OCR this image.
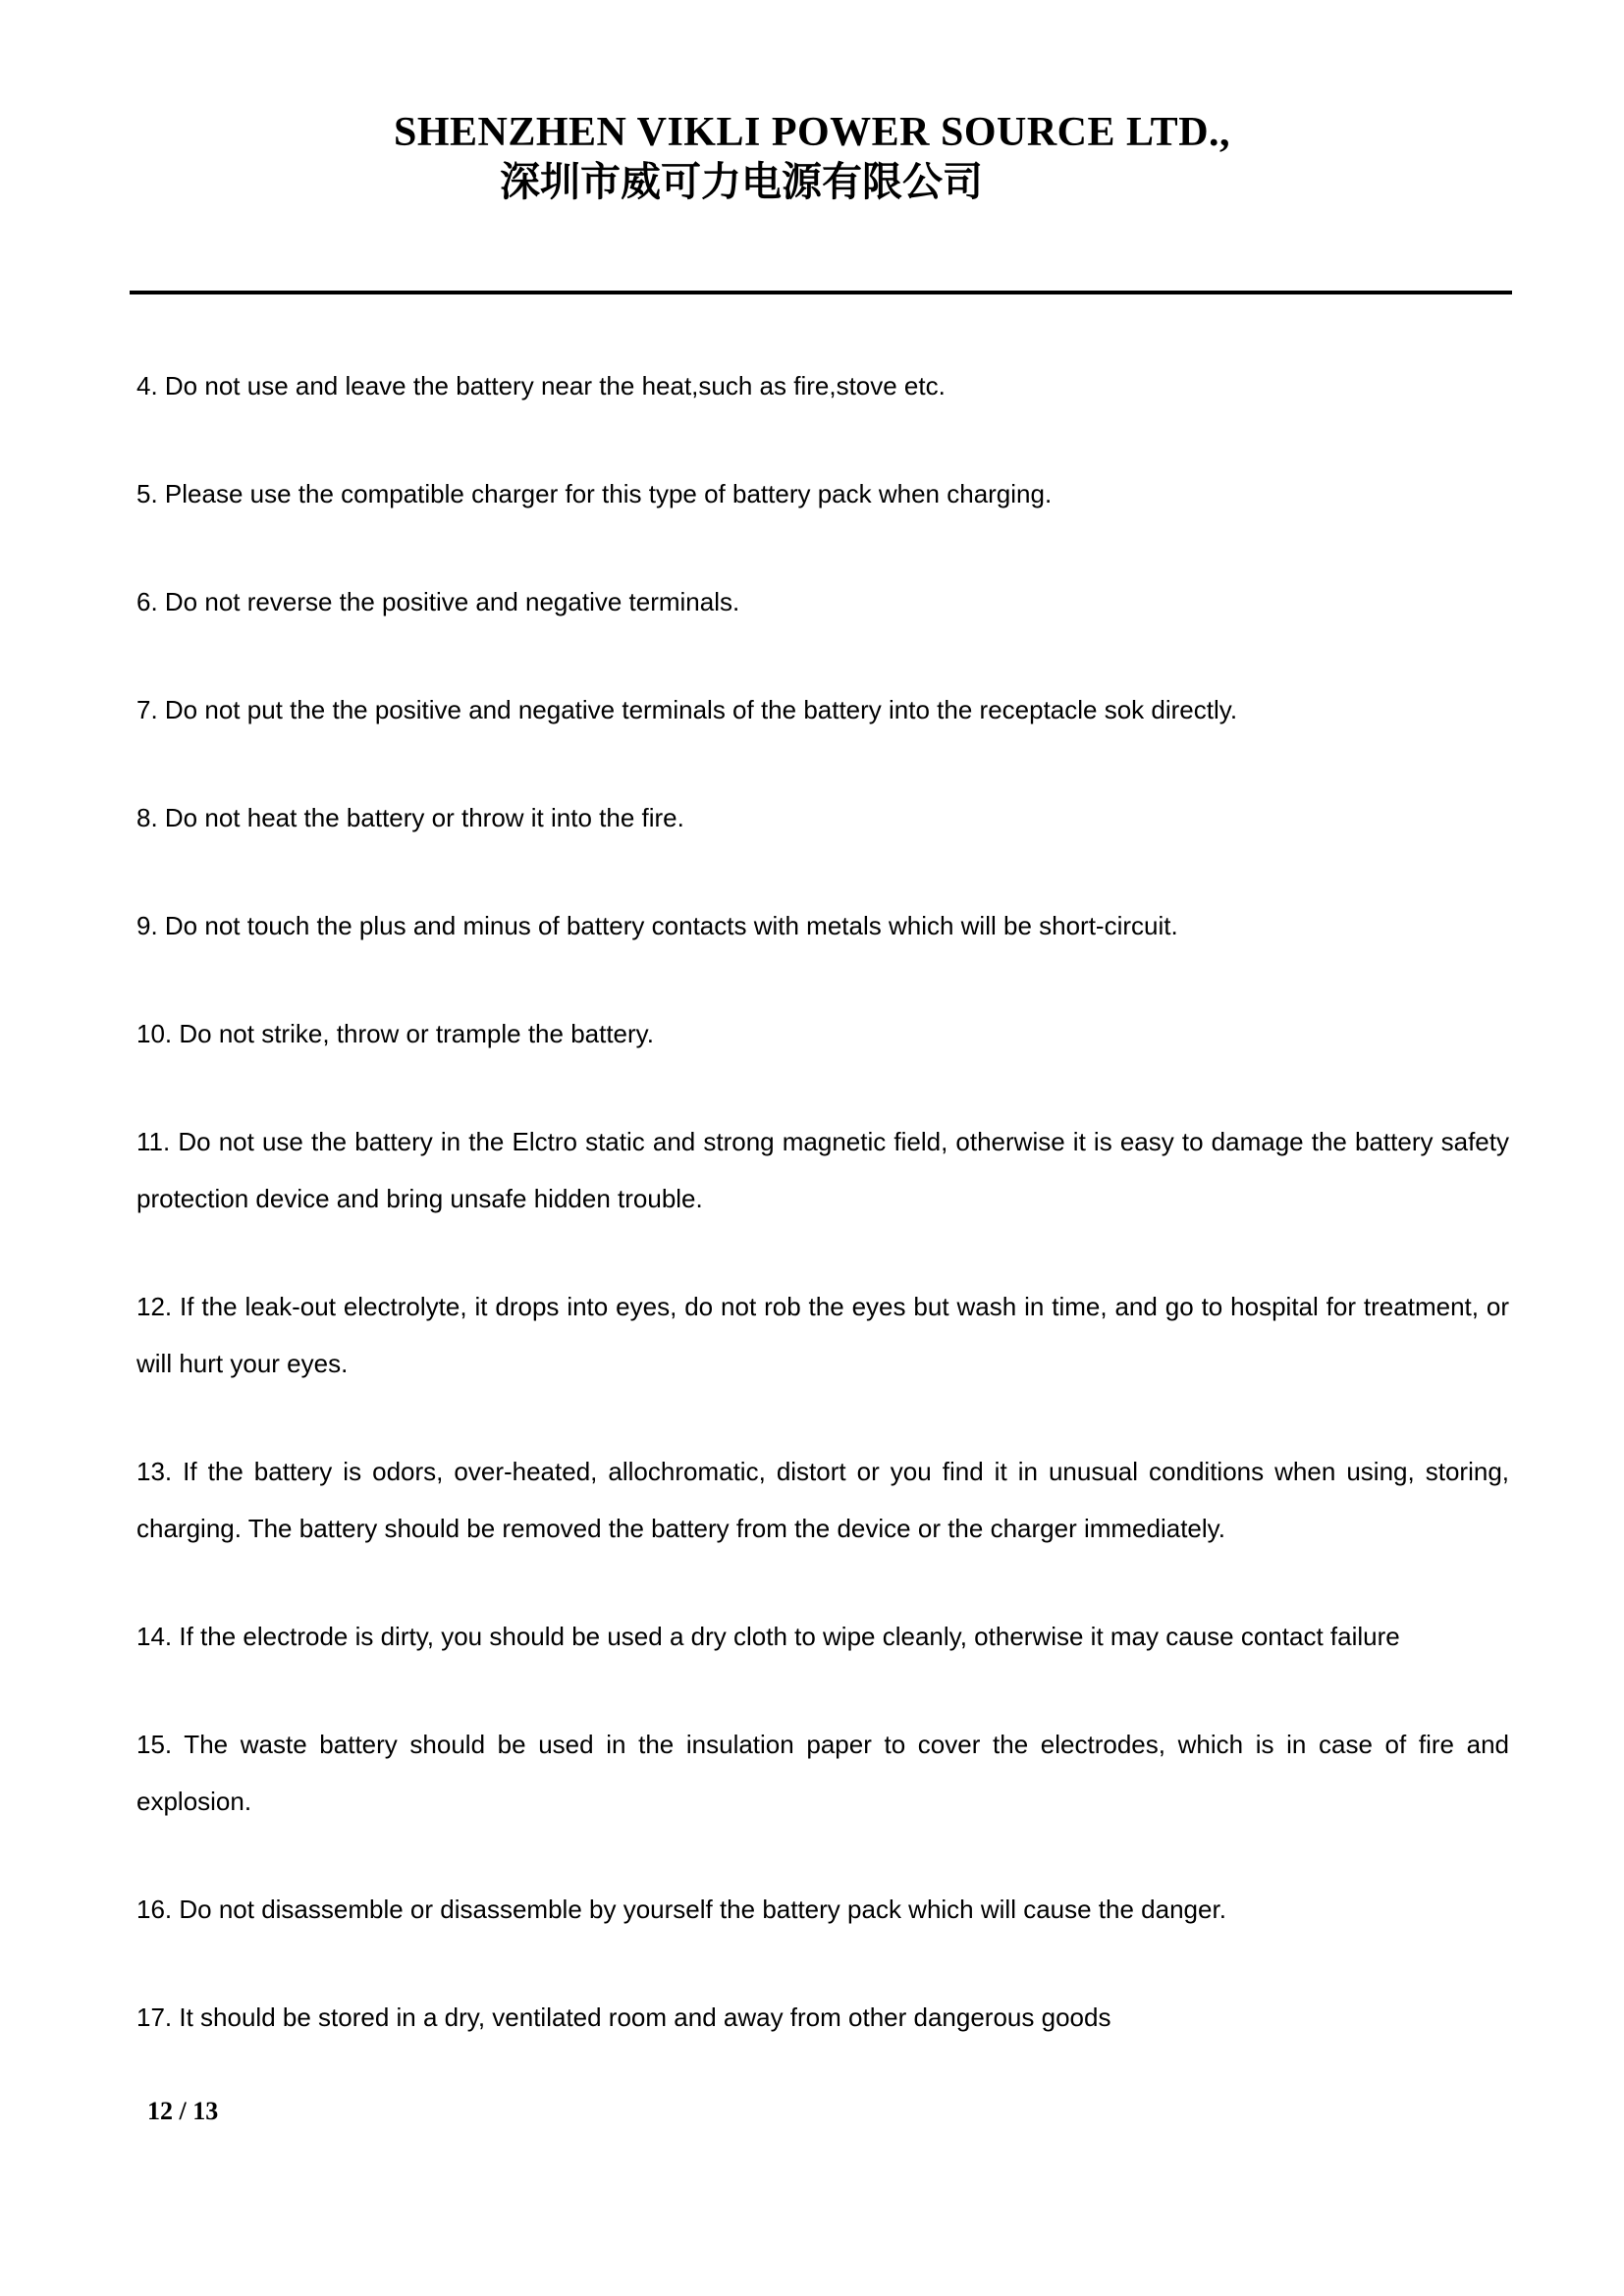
SHENZHEN VIKLI POWER SOURCE LTD.,
深圳市威可力电源有限公司

4. Do not use and leave the battery near the heat,such as fire,stove etc.

5. Please use the compatible charger for this type of battery pack when charging.

6. Do not reverse the positive and negative terminals.

7. Do not put the the positive and negative terminals of the battery into the receptacle sok directly.

8. Do not heat the battery or throw it into the fire.

9. Do not touch the plus and minus of battery contacts with metals which will be short-circuit.

10. Do not strike, throw or trample the battery.

11. Do not use the battery in the Elctro static and strong magnetic field, otherwise it is easy to damage the battery safety protection device and bring unsafe hidden trouble.

12. If the leak-out electrolyte, it drops into eyes, do not rob the eyes but wash in time, and go to hospital for treatment, or will hurt your eyes.

13. If the battery is odors, over-heated, allochromatic, distort or you find it in unusual conditions when using, storing, charging. The battery should be removed the battery from the device or the charger immediately.

14. If the electrode is dirty, you should be used a dry cloth to wipe cleanly, otherwise it may cause contact failure

15. The waste battery should be used in the insulation paper to cover the electrodes, which is in case of fire and explosion.

16. Do not disassemble or disassemble by yourself the battery pack which will cause the danger.

17. It should be stored in a dry, ventilated room and away from other dangerous goods

12 / 13
